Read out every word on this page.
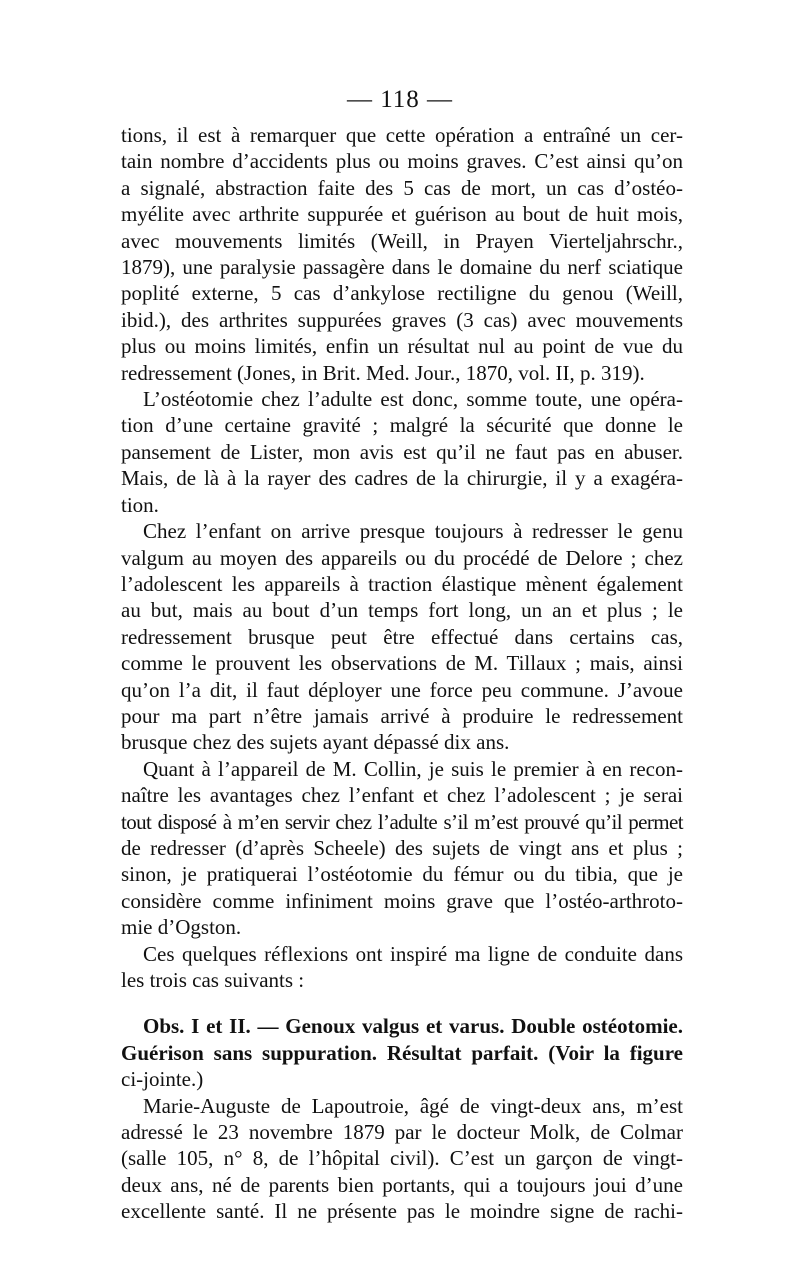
— 118 —

tions, il est à remarquer que cette opération a entraîné un cer-

tain nombre d’accidents plus ou moins graves. C’est ainsi qu’on

a signalé, abstraction faite des 5 cas de mort, un cas d’ostéo-

myélite avec arthrite suppurée et guérison au bout de huit mois,

avec mouvements limités (Weill, in Prayen Vierteljahrschr.,

1879), une paralysie passagère dans le domaine du nerf sciatique

poplité externe, 5 cas d’ankylose rectiligne du genou (Weill,

ibid.), des arthrites suppurées graves (3 cas) avec mouvements

plus ou moins limités, enfin un résultat nul au point de vue du

redressement (Jones, in Brit. Med. Jour., 1870, vol. II, p. 319).

L’ostéotomie chez l’adulte est donc, somme toute, une opéra-

tion d’une certaine gravité ; malgré la sécurité que donne le

pansement de Lister, mon avis est qu’il ne faut pas en abuser.

Mais, de là à la rayer des cadres de la chirurgie, il y a exagéra-

tion.

Chez l’enfant on arrive presque toujours à redresser le genu

valgum au moyen des appareils ou du procédé de Delore ; chez

l’adolescent les appareils à traction élastique mènent également

au but, mais au bout d’un temps fort long, un an et plus ; le

redressement brusque peut être effectué dans certains cas,

comme le prouvent les observations de M. Tillaux ; mais, ainsi

qu’on l’a dit, il faut déployer une force peu commune. J’avoue

pour ma part n’être jamais arrivé à produire le redressement

brusque chez des sujets ayant dépassé dix ans.

Quant à l’appareil de M. Collin, je suis le premier à en recon-

naître les avantages chez l’enfant et chez l’adolescent ; je serai

tout disposé à m’en servir chez l’adulte s’il m’est prouvé qu’il permet

de redresser (d’après Scheele) des sujets de vingt ans et plus ;

sinon, je pratiquerai l’ostéotomie du fémur ou du tibia, que je

considère comme infiniment moins grave que l’ostéo-arthroto-

mie d’Ogston.

Ces quelques réflexions ont inspiré ma ligne de conduite dans

les trois cas suivants :

Obs. I et II. — Genoux valgus et varus. Double ostéotomie.

Guérison sans suppuration. Résultat parfait. (Voir la figure

ci-jointe.)

Marie-Auguste de Lapoutroie, âgé de vingt-deux ans, m’est

adressé le 23 novembre 1879 par le docteur Molk, de Colmar

(salle 105, n° 8, de l’hôpital civil). C’est un garçon de vingt-

deux ans, né de parents bien portants, qui a toujours joui d’une

excellente santé. Il ne présente pas le moindre signe de rachi-
